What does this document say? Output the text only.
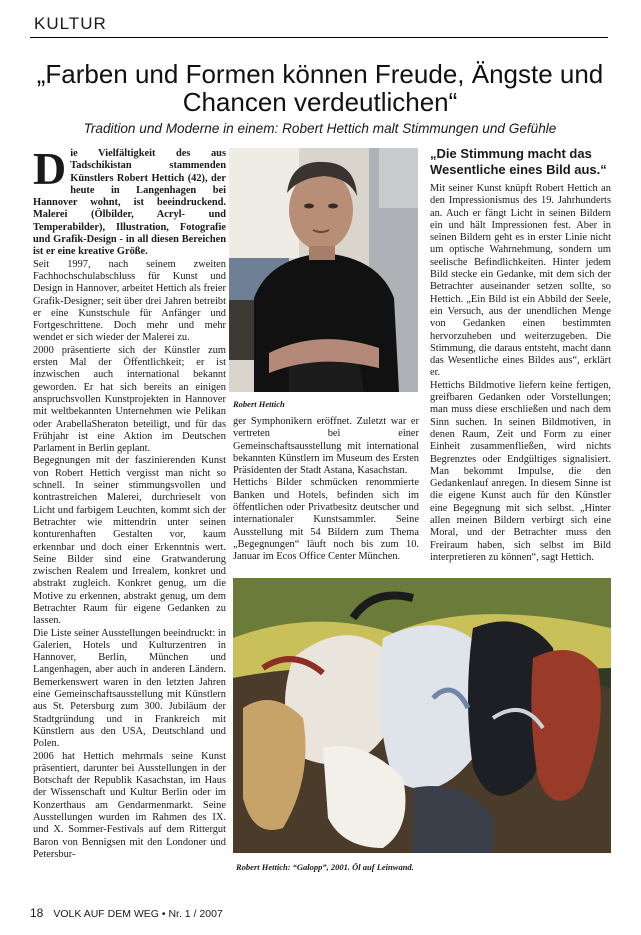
KULTUR
„Farben und Formen können Freude, Ängste und Chancen verdeutlichen“
Tradition und Moderne in einem: Robert Hettich malt Stimmungen und Gefühle

Die Vielfältigkeit des aus Tadschikistan stammenden Künstlers Robert Hettich (42), der heute in Langenhagen bei Hannover wohnt, ist beeindruckend. Malerei (Ölbilder, Acryl- und Temperabilder), Illustration, Fotografie und Grafik-Design - in all diesen Bereichen ist er eine kreative Größe.

Seit 1997, nach seinem zweiten Fachhochschulabschluss für Kunst und Design in Hannover, arbeitet Hettich als freier Grafik-Designer; seit über drei Jahren betreibt er eine Kunstschule für Anfänger und Fortgeschrittene. Doch mehr und mehr wendet er sich wieder der Malerei zu.

2000 präsentierte sich der Künstler zum ersten Mal der Öffentlichkeit; er ist inzwischen auch international bekannt geworden. Er hat sich bereits an einigen anspruchsvollen Kunstprojekten in Hannover mit weltbekannten Unternehmen wie Pelikan oder ArabellaSheraton beteiligt, und für das Frühjahr ist eine Aktion im Deutschen Parlament in Berlin geplant.

Begegnungen mit der faszinierenden Kunst von Robert Hettich vergisst man nicht so schnell. In seiner stimmungsvollen und kontrastreichen Malerei, durchrieselt von Licht und farbigem Leuchten, kommt sich der Betrachter wie mittendrin unter seinen konturenhaften Gestalten vor, kaum erkennbar und doch einer Erkenntnis wert. Seine Bilder sind eine Gratwanderung zwischen Realem und Irrealem, konkret und abstrakt zugleich. Konkret genug, um die Motive zu erkennen, abstrakt genug, um dem Betrachter Raum für eigene Gedanken zu lassen.

Die Liste seiner Ausstellungen beeindruckt: in Galerien, Hotels und Kulturzentren in Hannover, Berlin, München und Langenhagen, aber auch in anderen Ländern. Bemerkenswert waren in den letzten Jahren eine Gemeinschaftsausstellung mit Künstlern aus St. Petersburg zum 300. Jubiläum der Stadtgründung und in Frankreich mit Künstlern aus den USA, Deutschland und Polen.

2006 hat Hettich mehrmals seine Kunst präsentiert, darunter bei Ausstellungen in der Botschaft der Republik Kasachstan, im Haus der Wissenschaft und Kultur Berlin oder im Konzerthaus am Gendarmenmarkt. Seine Ausstellungen wurden im Rahmen des IX. und X. Sommer-Festivals auf dem Rittergut Baron von Bennigsen mit den Londoner und Petersbur-

Robert Hettich

ger Symphonikern eröffnet. Zuletzt war er vertreten bei einer Gemeinschaftsausstellung mit international bekannten Künstlern im Museum des Ersten Präsidenten der Stadt Astana, Kasachstan.

Hettichs Bilder schmücken renommierte Banken und Hotels, befinden sich im öffentlichen oder Privatbesitz deutscher und internationaler Kunstsammler. Seine Ausstellung mit 54 Bildern zum Thema „Begegnungen“ läuft noch bis zum 10. Januar im Ecos Office Center München.

„Die Stimmung macht das Wesentliche eines Bild aus.“

Mit seiner Kunst knüpft Robert Hettich an den Impressionismus des 19. Jahrhunderts an. Auch er fängt Licht in seinen Bildern ein und hält Impressionen fest. Aber in seinen Bildern geht es in erster Linie nicht um optische Wahrnehmung, sondern um seelische Befindlichkeiten. Hinter jedem Bild stecke ein Gedanke, mit dem sich der Betrachter auseinander setzen sollte, so Hettich. „Ein Bild ist ein Abbild der Seele, ein Versuch, aus der unendlichen Menge von Gedanken einen bestimmten hervorzuheben und weiterzugeben. Die Stimmung, die daraus entsteht, macht dann das Wesentliche eines Bildes aus“, erklärt er.

Hettichs Bildmotive liefern keine fertigen, greifbaren Gedanken oder Vorstellungen; man muss diese erschließen und nach dem Sinn suchen. In seinen Bildmotiven, in denen Raum, Zeit und Form zu einer Einheit zusammenfließen, wird nichts Begrenztes oder Endgültiges signalisiert. Man bekommt Impulse, die den Gedankenlauf anregen. In diesem Sinne ist die eigene Kunst auch für den Künstler eine Begegnung mit sich selbst. „Hinter allen meinen Bildern verbirgt sich eine Moral, und der Betrachter muss den Freiraum haben, sich selbst im Bild interpretieren zu können“, sagt Hettich.

Robert Hettich: “Galopp”, 2001. Öl auf Leinwand.
18 VOLK AUF DEM WEG • Nr. 1 / 2007
